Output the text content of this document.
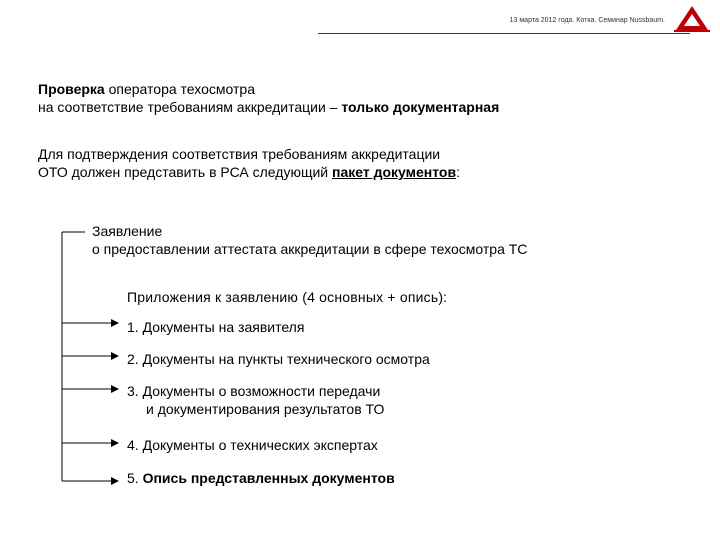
13 марта 2012 года. Котка. Семинар Nussbaum.
Проверка оператора техосмотра
на соответствие требованиям аккредитации – только документарная
Для подтверждения соответствия требованиям аккредитации
ОТО должен представить в РСА следующий пакет документов:
Заявление
о предоставлении аттестата аккредитации в сфере техосмотра ТС
Приложения к заявлению (4 основных + опись):
1. Документы на заявителя
2. Документы на пункты технического осмотра
3. Документы о возможности передачи
и документирования результатов ТО
4. Документы о технических экспертах
5. Опись представленных документов
